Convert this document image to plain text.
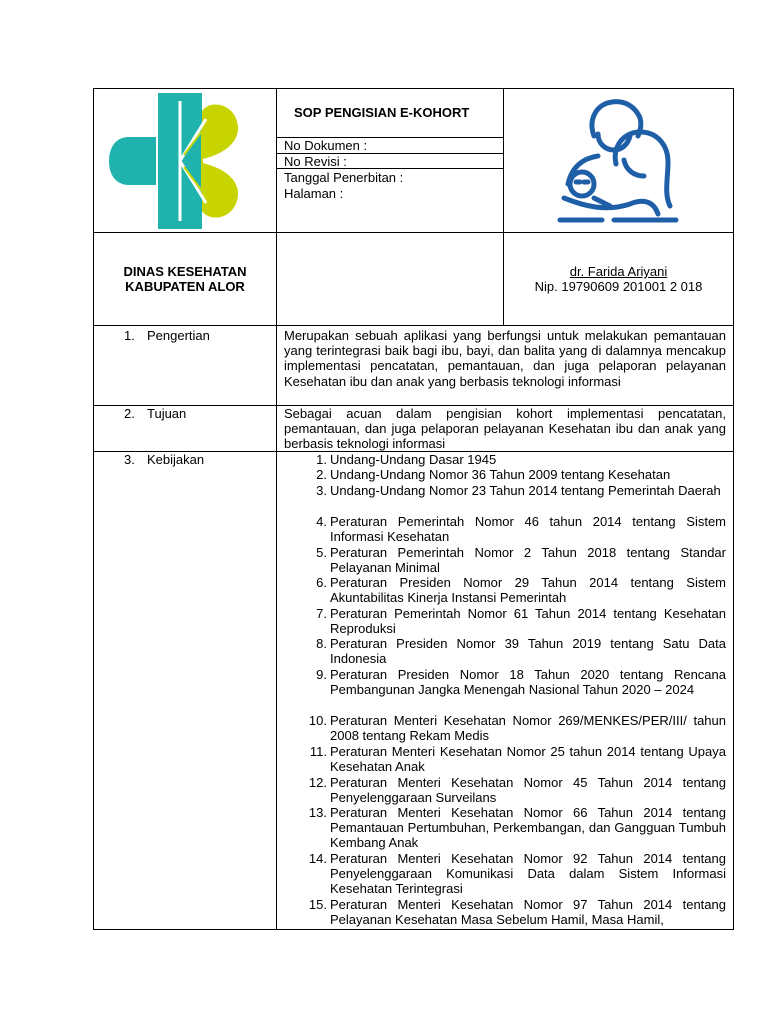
SOP PENGISIAN E-KOHORT
No Dokumen :
No Revisi :
Tanggal Penerbitan :
Halaman :
DINAS KESEHATAN
KABUPATEN ALOR
dr. Farida Ariyani
Nip. 19790609 201001 2 018
1. Pengertian
2. Tujuan
3. Kebijakan
Merupakan sebuah aplikasi yang berfungsi untuk melakukan pemantauan yang terintegrasi baik bagi ibu, bayi, dan balita yang di dalamnya mencakup implementasi pencatatan, pemantauan, dan juga pelaporan pelayanan Kesehatan ibu dan anak yang berbasis teknologi informasi
Sebagai acuan dalam pengisian kohort implementasi pencatatan, pemantauan, dan juga pelaporan pelayanan Kesehatan ibu dan anak yang berbasis teknologi informasi
1. Undang-Undang Dasar 1945
2. Undang-Undang Nomor 36 Tahun 2009 tentang Kesehatan
3. Undang-Undang Nomor 23 Tahun 2014 tentang Pemerintah Daerah
4. Peraturan Pemerintah Nomor 46 tahun 2014 tentang Sistem Informasi Kesehatan
5. Peraturan Pemerintah Nomor 2 Tahun 2018 tentang Standar Pelayanan Minimal
6. Peraturan Presiden Nomor 29 Tahun 2014 tentang Sistem Akuntabilitas Kinerja Instansi Pemerintah
7. Peraturan Pemerintah Nomor 61 Tahun 2014 tentang Kesehatan Reproduksi
8. Peraturan Presiden Nomor 39 Tahun 2019 tentang Satu Data Indonesia
9. Peraturan Presiden Nomor 18 Tahun 2020 tentang Rencana Pembangunan Jangka Menengah Nasional Tahun 2020 – 2024
10. Peraturan Menteri Kesehatan Nomor 269/MENKES/PER/III/ tahun 2008 tentang Rekam Medis
11. Peraturan Menteri Kesehatan Nomor 25 tahun 2014 tentang Upaya Kesehatan Anak
12. Peraturan Menteri Kesehatan Nomor 45 Tahun 2014 tentang Penyelenggaraan Surveilans
13. Peraturan Menteri Kesehatan Nomor 66 Tahun 2014 tentang Pemantauan Pertumbuhan, Perkembangan, dan Gangguan Tumbuh Kembang Anak
14. Peraturan Menteri Kesehatan Nomor 92 Tahun 2014 tentang Penyelenggaraan Komunikasi Data dalam Sistem Informasi Kesehatan Terintegrasi
15. Peraturan Menteri Kesehatan Nomor 97 Tahun 2014 tentang Pelayanan Kesehatan Masa Sebelum Hamil, Masa Hamil,
